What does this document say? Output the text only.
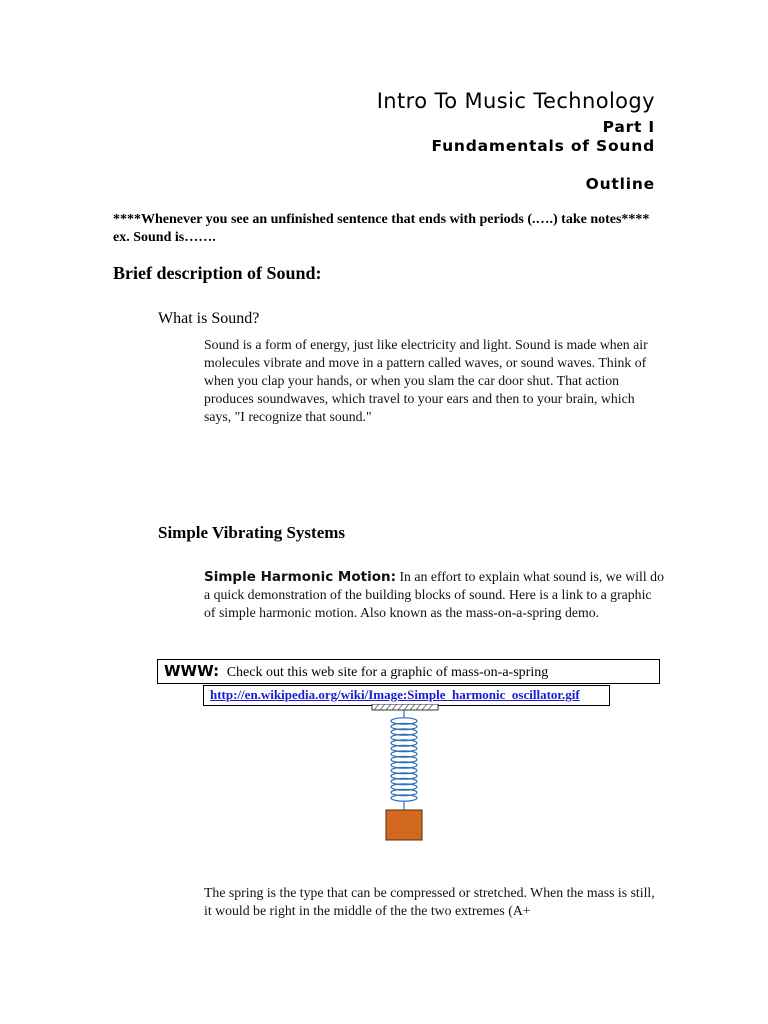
Intro To Music Technology
Part I
Fundamentals of Sound
Outline
****Whenever you see an unfinished sentence that ends with periods (.….) take notes**** ex. Sound is…….
Brief description of Sound:
What is Sound?
Sound is a form of energy, just like electricity and light. Sound is made when air molecules vibrate and move in a pattern called waves, or sound waves. Think of when you clap your hands, or when you slam the car door shut. That action produces soundwaves, which travel to your ears and then to your brain, which says, "I recognize that sound."
Simple Vibrating Systems
Simple Harmonic Motion: In an effort to explain what sound is, we will do a quick demonstration of the building blocks of sound. Here is a link to a graphic of simple harmonic motion. Also known as the mass-on-a-spring demo.
WWW: Check out this web site for a graphic of mass-on-a-spring
http://en.wikipedia.org/wiki/Image:Simple_harmonic_oscillator.gif
The spring is the type that can be compressed or stretched. When the mass is still, it would be right in the middle of the the two extremes (A+
